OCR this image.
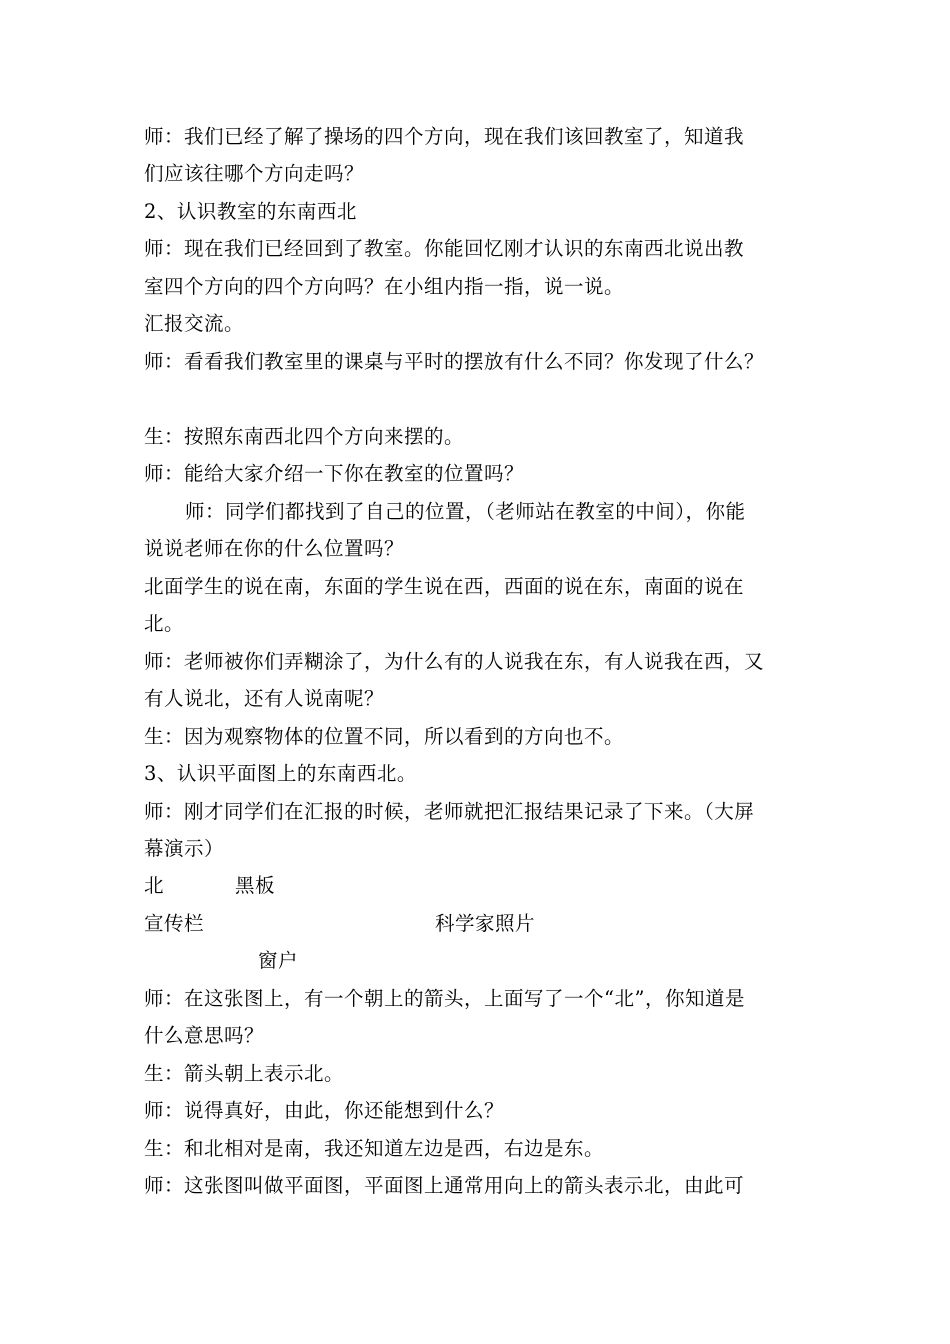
师：我们已经了解了操场的四个方向，现在我们该回教室了，知道我
们应该往哪个方向走吗？
2、认识教室的东南西北
师：现在我们已经回到了教室。你能回忆刚才认识的东南西北说出教
室四个方向的四个方向吗？在小组内指一指，说一说。
汇报交流。
师：看看我们教室里的课桌与平时的摆放有什么不同？你发现了什么？
生：按照东南西北四个方向来摆的。
师：能给大家介绍一下你在教室的位置吗？
师：同学们都找到了自己的位置，（老师站在教室的中间），你能
说说老师在你的什么位置吗？
北面学生的说在南，东面的学生说在西，西面的说在东，南面的说在
北。
师：老师被你们弄糊涂了，为什么有的人说我在东，有人说我在西，又
有人说北，还有人说南呢？
生：因为观察物体的位置不同，所以看到的方向也不。
3、认识平面图上的东南西北。
师：刚才同学们在汇报的时候，老师就把汇报结果记录了下来。（大屏
幕演示）
北	黑板
宣传栏	科学家照片
窗户
师：在这张图上，有一个朝上的箭头，上面写了一个“北”，你知道是
什么意思吗？
生：箭头朝上表示北。
师：说得真好，由此，你还能想到什么？
生：和北相对是南，我还知道左边是西，右边是东。
师：这张图叫做平面图，平面图上通常用向上的箭头表示北，由此可
